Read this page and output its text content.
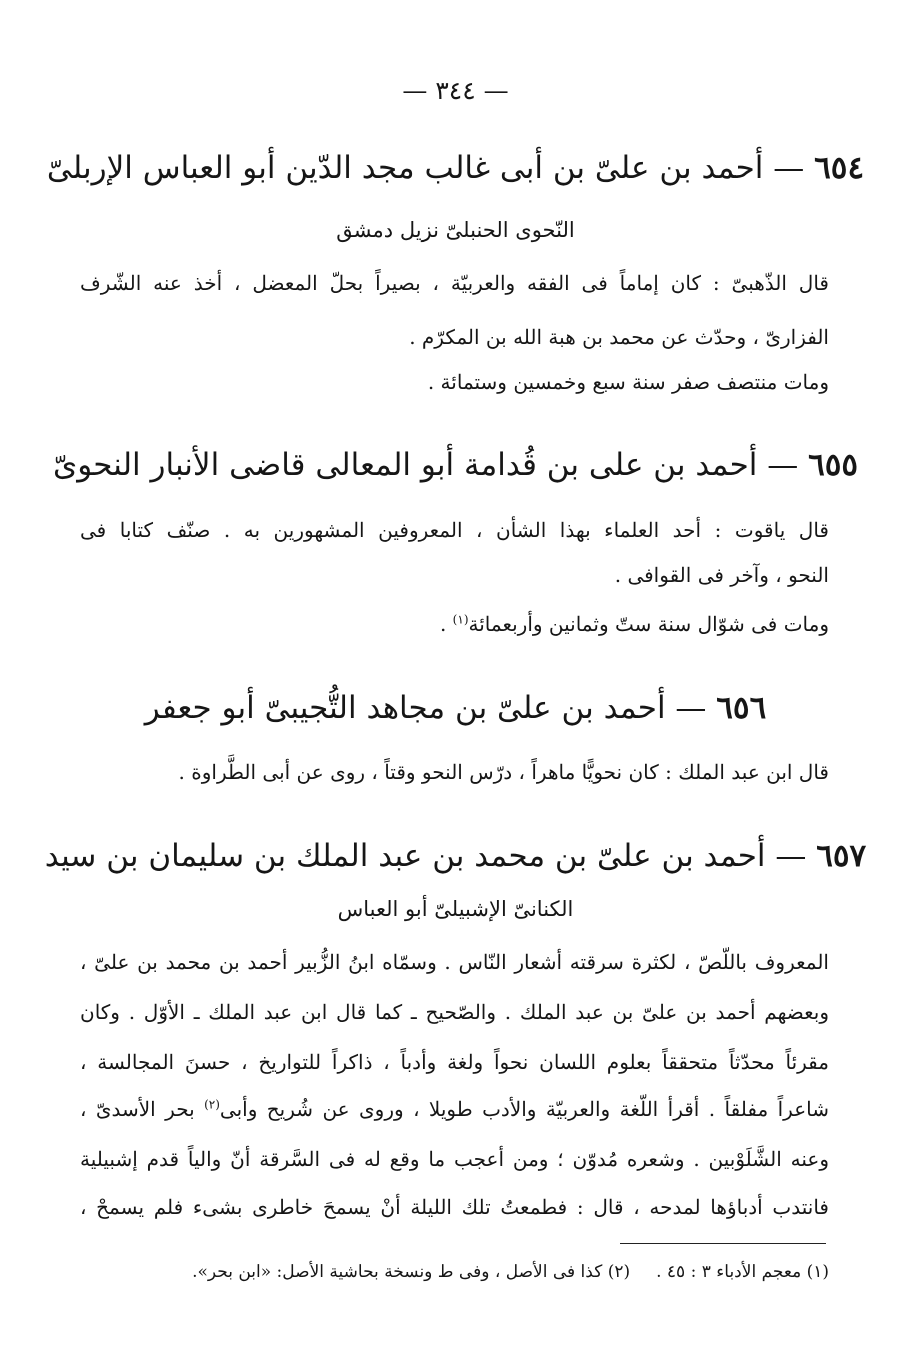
— ٣٤٤ —
٦٥٤ — أحمد بن علىّ بن أبى غالب مجد الدّين أبو العباس الإربلىّ
النّحوى الحنبلىّ نزيل دمشق
قال الذّهبىّ : كان إماماً فى الفقه والعربيّة ، بصيراً بحلّ المعضل ، أخذ عنه الشّرف
الفزارىّ ، وحدّث عن محمد بن هبة الله بن المكرّم .
ومات منتصف صفر سنة سبع وخمسين وستمائة .
٦٥٥ — أحمد بن على بن قُدامة أبو المعالى قاضى الأنبار النحوىّ
قال ياقوت : أحد العلماء بهذا الشأن ، المعروفين المشهورين به . صنّف كتابا فى
النحو ، وآخر فى القوافى .
ومات فى شوّال سنة ستّ وثمانين وأربعمائة$^{(١)}$ .
٦٥٦ — أحمد بن علىّ بن مجاهد التُّجيبىّ أبو جعفر
قال ابن عبد الملك : كان نحويًّا ماهراً ، درّس النحو وقتاً ، روى عن أبى الطَّراوة .
٦٥٧ — أحمد بن علىّ بن محمد بن عبد الملك بن سليمان بن سيد
الكنانىّ الإشبيلىّ أبو العباس
المعروف باللّصّ ، لكثرة سرقته أشعار النّاس . وسمّاه ابنُ الزُّبير أحمد بن محمد بن علىّ ،
وبعضهم أحمد بن علىّ بن عبد الملك . والصّحيح ـ كما قال ابن عبد الملك ـ الأوّل . وكان
مقرئاً محدّثاً متحققاً بعلوم اللسان نحواً ولغة وأدباً ، ذاكراً للتواريخ ، حسنَ المجالسة ،
شاعراً مفلقاً . أقرأ اللّغة والعربيّة والأدب طويلا ، وروى عن شُريح وأبى$^{(٢)}$ بحر الأسدىّ ،
وعنه الشَّلَوْبين . وشعره مُدوّن ؛ ومن أعجب ما وقع له فى السَّرقة أنّ والياً قدم إشبيلية
فانتدب أدباؤها لمدحه ، قال : فطمعتُ تلك الليلة أنْ يسمحَ خاطرى بشىء فلم يسمحْ ،
(١) معجم الأدباء ٣ : ٤٥ .(٢) كذا فى الأصل ، وفى ط ونسخة بحاشية الأصل: «ابن بحر».
